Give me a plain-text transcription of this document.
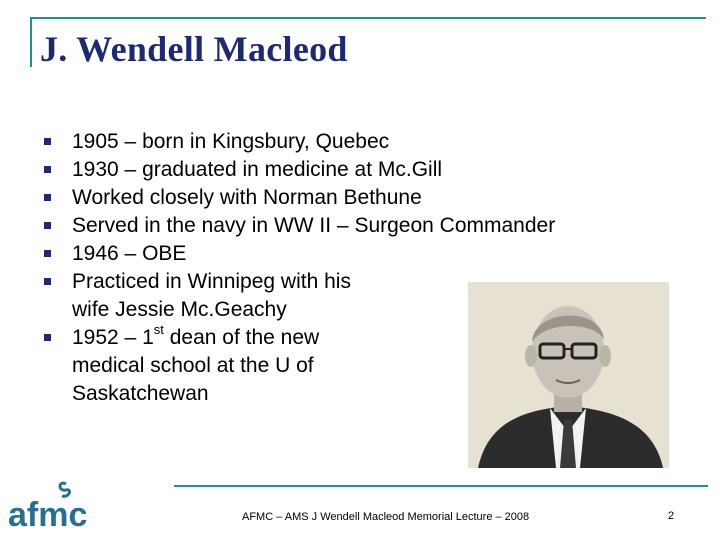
J. Wendell Macleod
1905 – born in Kingsbury, Quebec
1930 – graduated in medicine at Mc.Gill
Worked closely with Norman Bethune
Served in the navy in WW II – Surgeon Commander
1946 – OBE
Practiced in Winnipeg with his wife Jessie Mc.Geachy
1952 – 1st dean of the new medical school at the U of Saskatchewan
afmc	AFMC – AMS J Wendell Macleod Memorial Lecture – 2008	2
